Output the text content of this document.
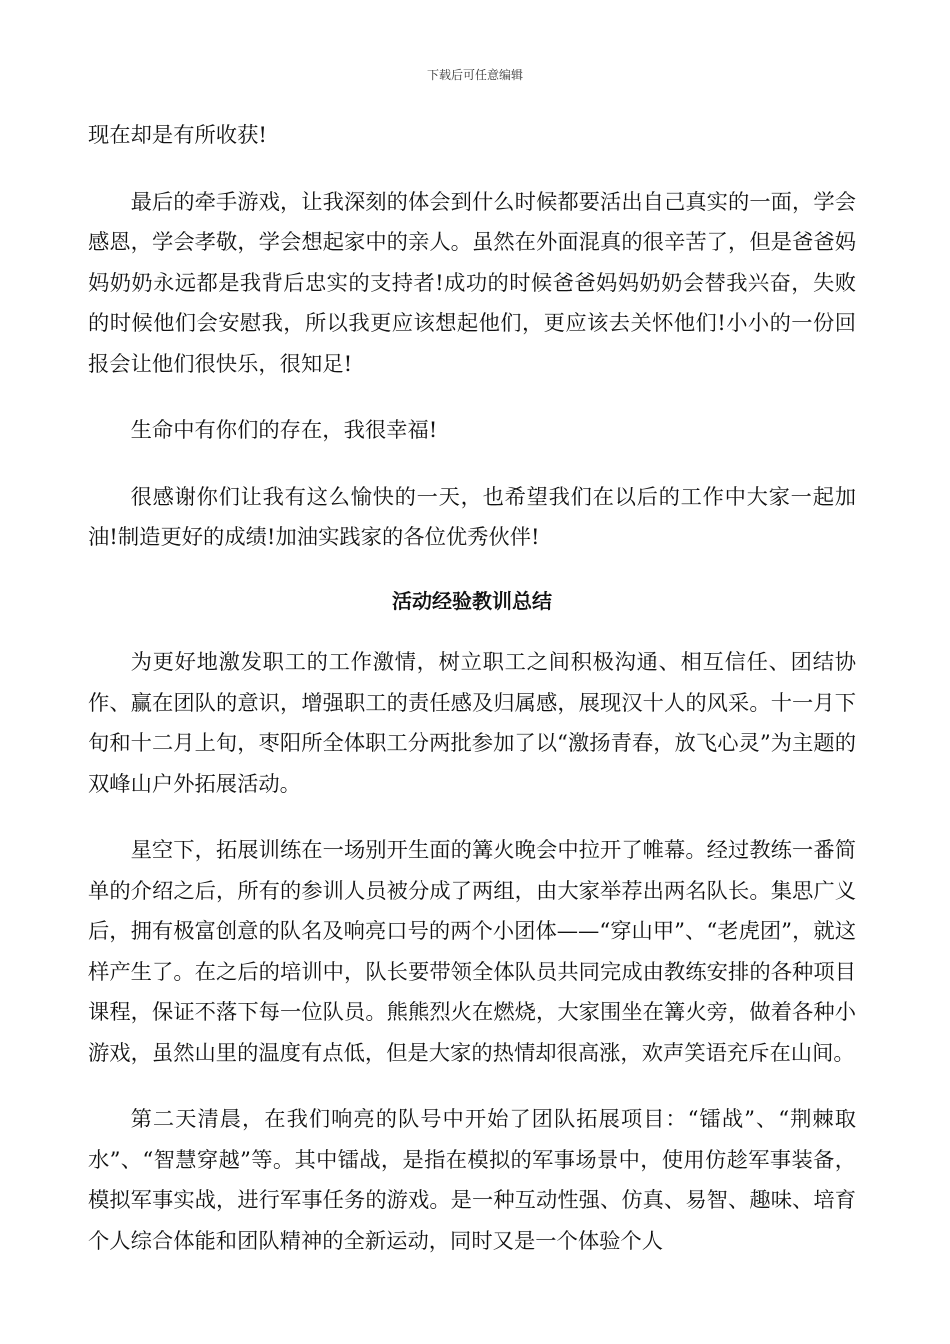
下载后可任意编辑

现在却是有所收获!

最后的牵手游戏，让我深刻的体会到什么时候都要活出自己真实的一面，学会感恩，学会孝敬，学会想起家中的亲人。虽然在外面混真的很辛苦了，但是爸爸妈妈奶奶永远都是我背后忠实的支持者!成功的时候爸爸妈妈奶奶会替我兴奋，失败的时候他们会安慰我，所以我更应该想起他们，更应该去关怀他们!小小的一份回报会让他们很快乐，很知足!

生命中有你们的存在，我很幸福!

很感谢你们让我有这么愉快的一天，也希望我们在以后的工作中大家一起加油!制造更好的成绩!加油实践家的各位优秀伙伴!

活动经验教训总结

为更好地激发职工的工作激情，树立职工之间积极沟通、相互信任、团结协作、赢在团队的意识，增强职工的责任感及归属感，展现汉十人的风采。十一月下旬和十二月上旬，枣阳所全体职工分两批参加了以“激扬青春，放飞心灵”为主题的双峰山户外拓展活动。

星空下，拓展训练在一场别开生面的篝火晚会中拉开了帷幕。经过教练一番简单的介绍之后，所有的参训人员被分成了两组，由大家举荐出两名队长。集思广义后，拥有极富创意的队名及响亮口号的两个小团体——“穿山甲”、“老虎团”，就这样产生了。在之后的培训中，队长要带领全体队员共同完成由教练安排的各种项目课程，保证不落下每一位队员。熊熊烈火在燃烧，大家围坐在篝火旁，做着各种小游戏，虽然山里的温度有点低，但是大家的热情却很高涨，欢声笑语充斥在山间。

第二天清晨，在我们响亮的队号中开始了团队拓展项目：“镭战”、“荆棘取水”、“智慧穿越”等。其中镭战，是指在模拟的军事场景中，使用仿趁军事装备，模拟军事实战，进行军事任务的游戏。是一种互动性强、仿真、易智、趣味、培育个人综合体能和团队精神的全新运动，同时又是一个体验个人
